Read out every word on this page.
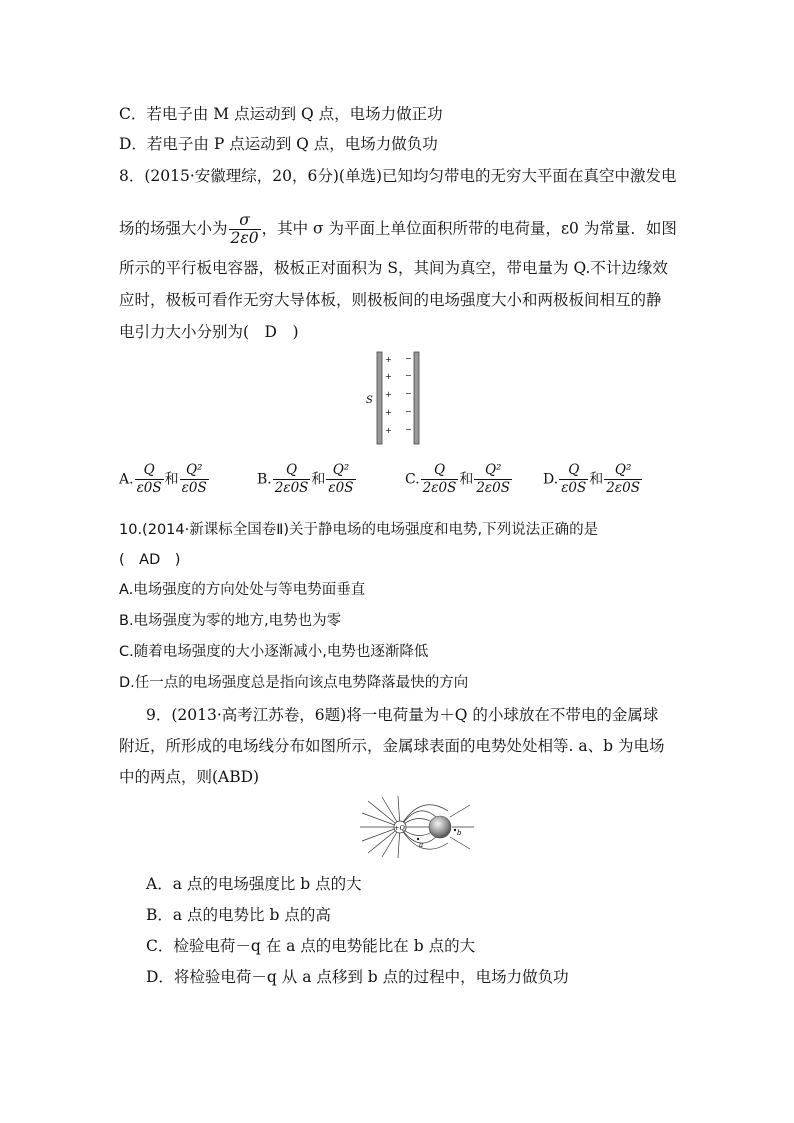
C．若电子由 M 点运动到 Q 点，电场力做正功
D．若电子由 P 点运动到 Q 点，电场力做负功
8．(2015·安徽理综，20，6分)(单选)已知均匀带电的无穷大平面在真空中激发电
场的场强大小为 $\frac{\sigma}{2\varepsilon 0}$ ，其中 σ 为平面上单位面积所带的电荷量，ε0 为常量．如图
所示的平行板电容器，极板正对面积为 S，其间为真空，带电量为 Q.不计边缘效
应时，极板可看作无穷大导体板，则极板间的电场强度大小和两极板间相互的静
电引力大小分别为(　D　)
S
+
+
+
+
+
−
−
−
−
−
A. $\frac{Q}{\varepsilon 0S}$ 和 $\frac{\text{Q²}}{\varepsilon 0S}$	B. $\frac{Q}{2\varepsilon 0S}$ 和 $\frac{\text{Q²}}{\varepsilon 0S}$	C. $\frac{Q}{2\varepsilon 0S}$ 和 $\frac{\text{Q²}}{2\varepsilon 0S} D$. $\frac{Q}{\varepsilon 0S}$ 和 $\frac{\text{Q²}}{2\varepsilon 0S}$
10.(2014·新课标全国卷Ⅱ)关于静电场的电场强度和电势,下列说法正确的是
(　AD　)
A.电场强度的方向处处与等电势面垂直
B.电场强度为零的地方,电势也为零
C.随着电场强度的大小逐渐减小,电势也逐渐降低
D.任一点的电场强度总是指向该点电势降落最快的方向
9．(2013·高考江苏卷，6题)将一电荷量为＋Q 的小球放在不带电的金属球
附近，所形成的电场线分布如图所示，金属球表面的电势处处相等. a、b 为电场
中的两点，则(ABD)
+Q
a
b
A．a 点的电场强度比 b 点的大
B．a 点的电势比 b 点的高
C．检验电荷－q 在 a 点的电势能比在 b 点的大
D．将检验电荷－q 从 a 点移到 b 点的过程中，电场力做负功
